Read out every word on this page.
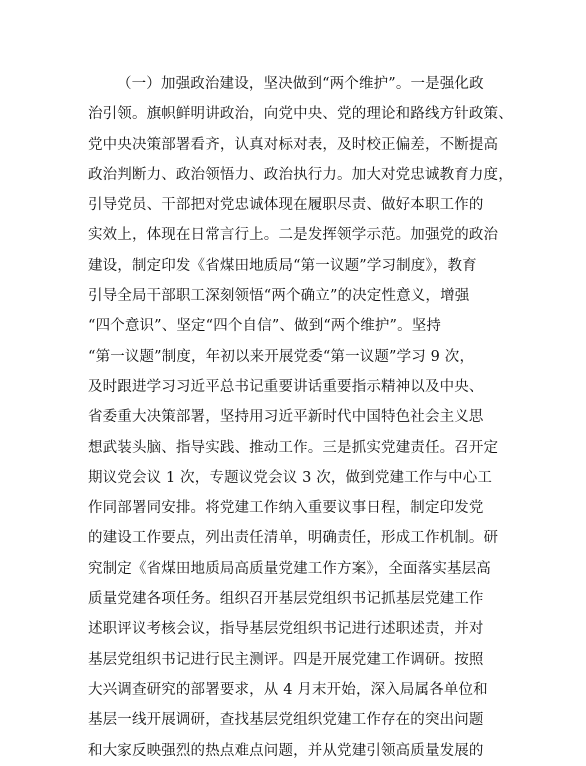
（一）加强政治建设，坚决做到“两个维护”。一是强化政
治引领。旗帜鲜明讲政治，向党中央、党的理论和路线方针政策、
党中央决策部署看齐，认真对标对表，及时校正偏差，不断提高
政治判断力、政治领悟力、政治执行力。加大对党忠诚教育力度，
引导党员、干部把对党忠诚体现在履职尽责、做好本职工作的
实效上，体现在日常言行上。二是发挥领学示范。加强党的政治
建设，制定印发《省煤田地质局“第一议题”学习制度》，教育
引导全局干部职工深刻领悟“两个确立”的决定性意义，增强
“四个意识”、坚定“四个自信”、做到“两个维护”。坚持
“第一议题”制度，年初以来开展党委“第一议题”学习 9 次，
及时跟进学习习近平总书记重要讲话重要指示精神以及中央、
省委重大决策部署，坚持用习近平新时代中国特色社会主义思
想武装头脑、指导实践、推动工作。三是抓实党建责任。召开定
期议党会议 1 次，专题议党会议 3 次，做到党建工作与中心工
作同部署同安排。将党建工作纳入重要议事日程，制定印发党
的建设工作要点，列出责任清单，明确责任，形成工作机制。研
究制定《省煤田地质局高质量党建工作方案》，全面落实基层高
质量党建各项任务。组织召开基层党组织书记抓基层党建工作
述职评议考核会议，指导基层党组织书记进行述职述责，并对
基层党组织书记进行民主测评。四是开展党建工作调研。按照
大兴调查研究的部署要求，从 4 月末开始，深入局属各单位和
基层一线开展调研，查找基层党组织党建工作存在的突出问题
和大家反映强烈的热点难点问题，并从党建引领高质量发展的
